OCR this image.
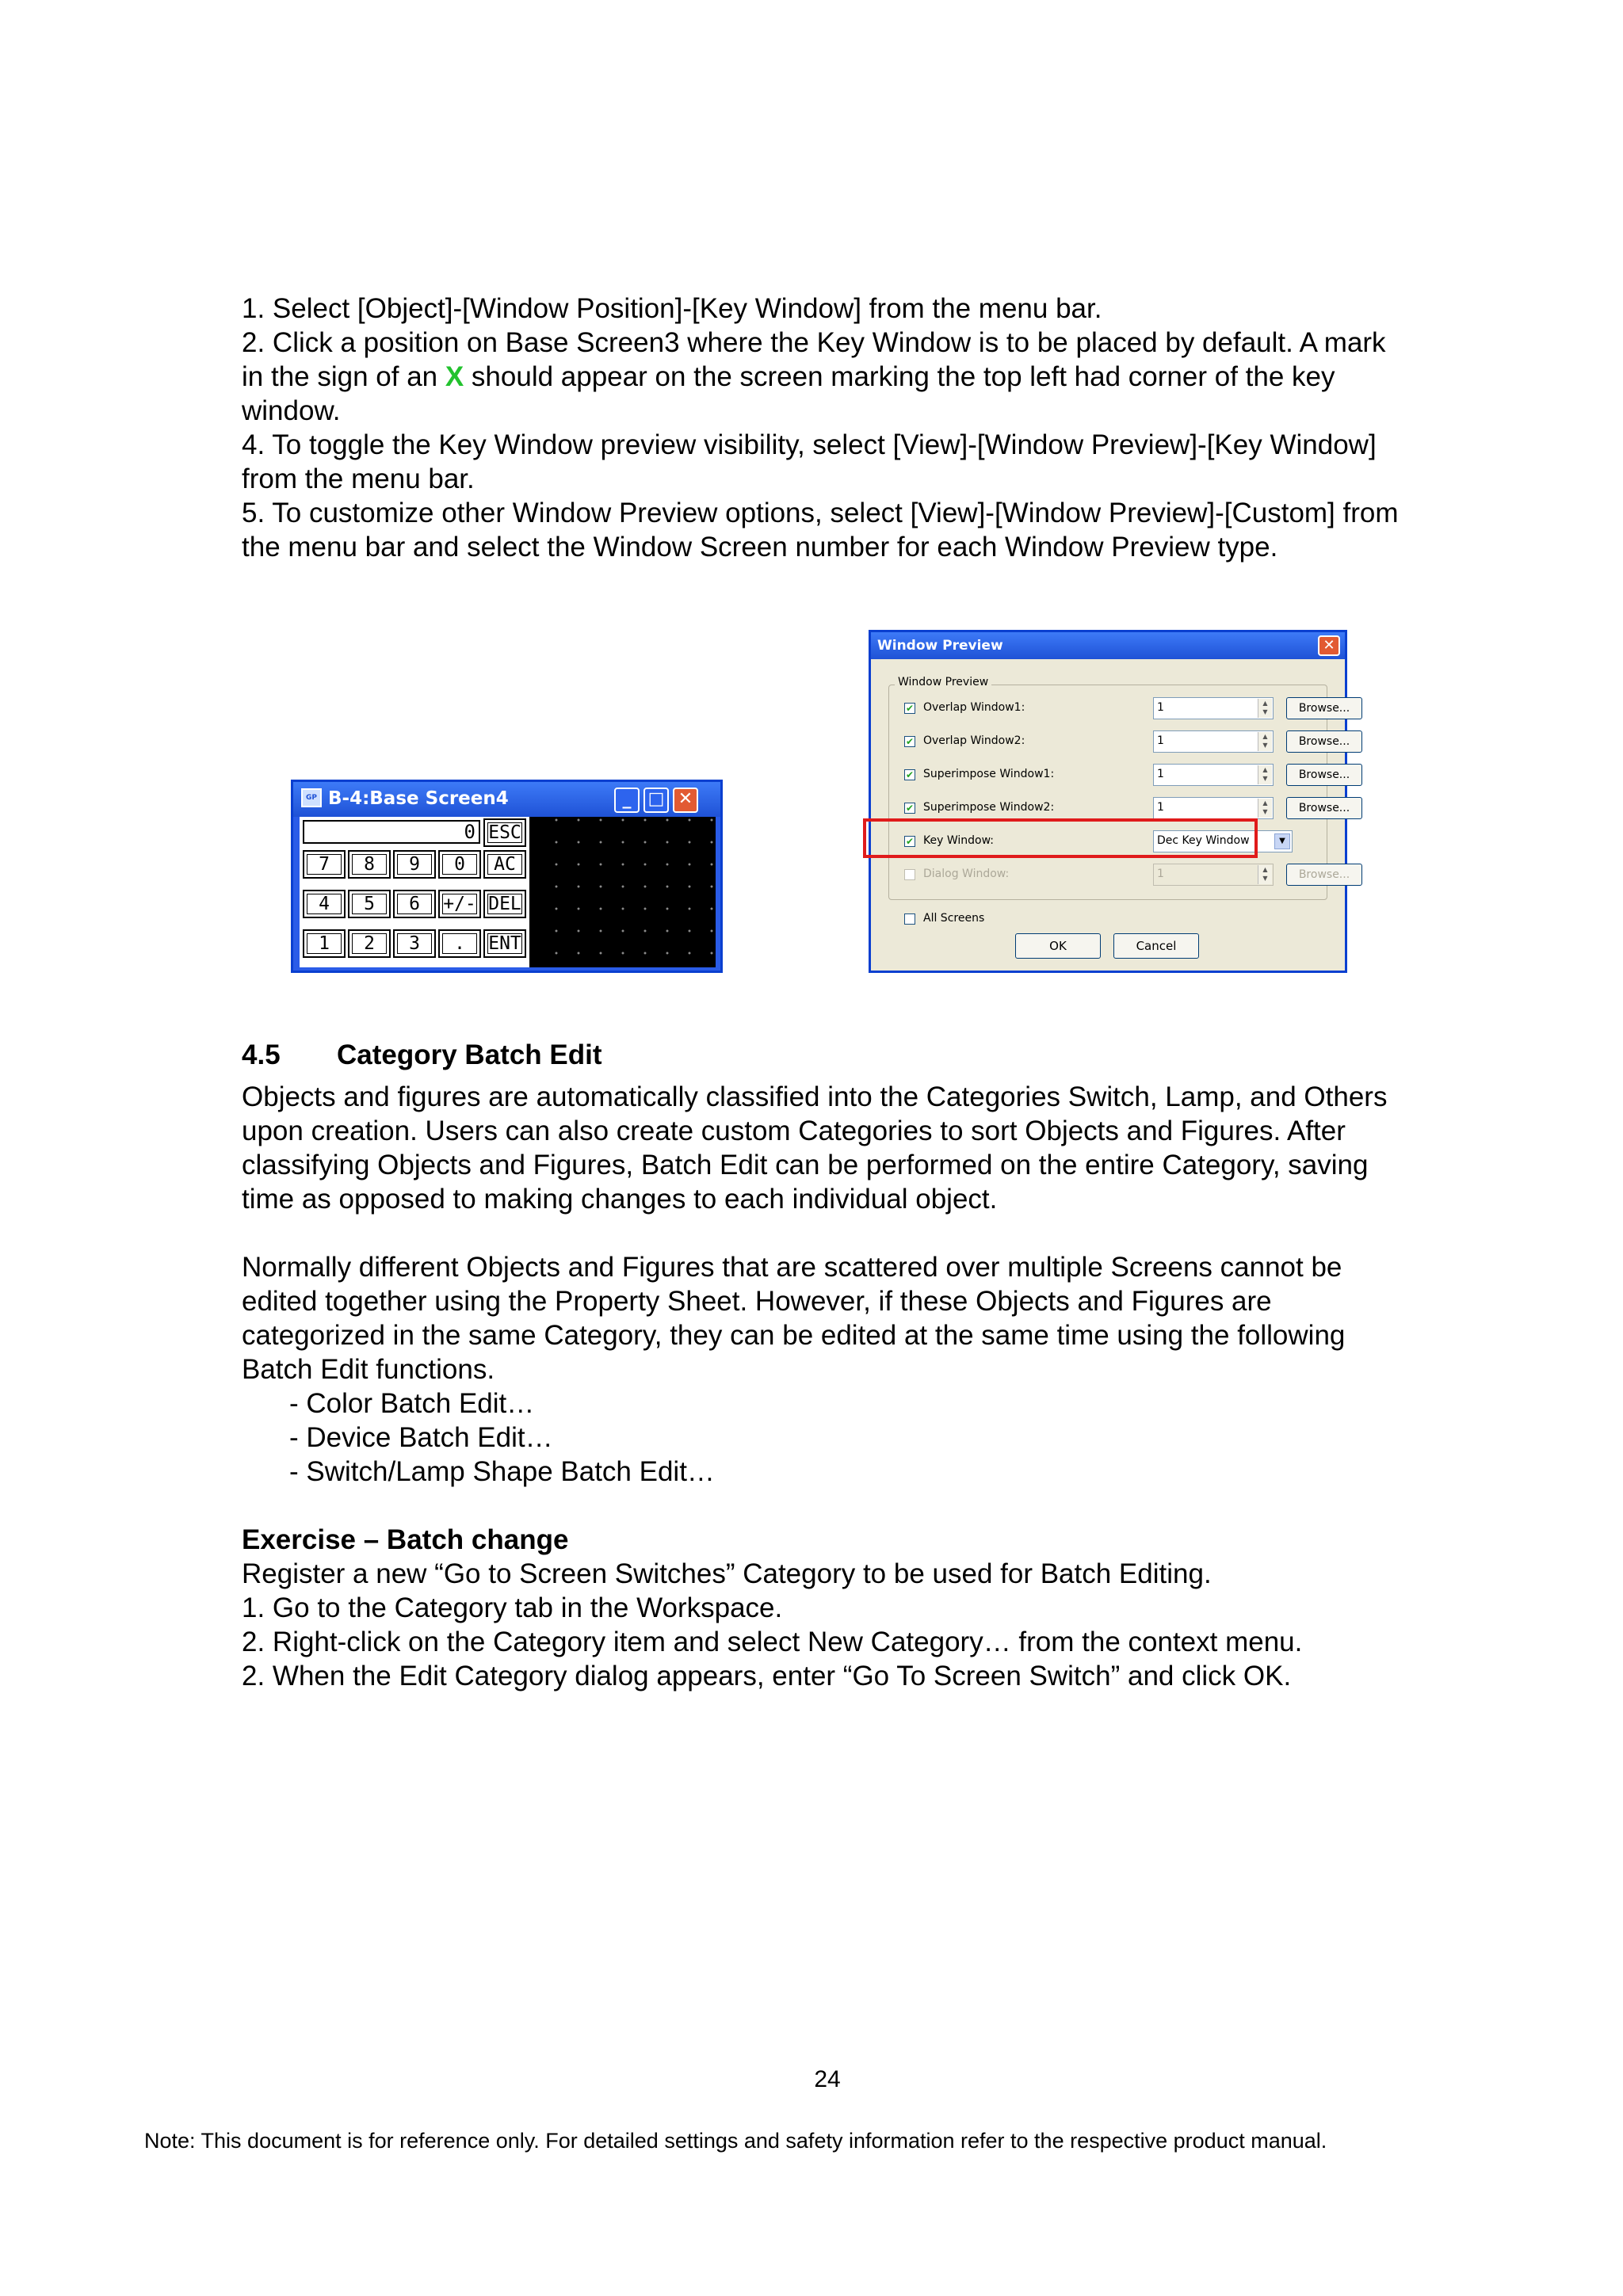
1. Select [Object]-[Window Position]-[Key Window] from the menu bar.

2. Click a position on Base Screen3 where the Key Window is to be placed by default. A mark in the sign of an X should appear on the screen marking the top left had corner of the key window.

4. To toggle the Key Window preview visibility, select [View]-[Window Preview]-[Key Window] from the menu bar.

5. To customize other Window Preview options, select [View]-[Window Preview]-[Custom] from the menu bar and select the Window Screen number for each Window Preview type.

GP B-4:Base Screen4	_ □ ✕
0 ESC
7	8	9	0	AC
4	5	6	+/- DEL
1	2	3	.	ENT
Window Preview	✕
Window Preview
✔ Overlap Window1:	1	▲
▼	Browse...
✔ Overlap Window2:	1	▲
▼	Browse...
✔ Superimpose Window1:	1	▲
▼	Browse...
✔ Superimpose Window2:	1	▲
▼	Browse...
✔ Key Window:	Dec Key Window	▼
Dialog Window:	1	▲
▼	Browse...
All Screens
OK	Cancel

4.5 Category Batch Edit

Objects and figures are automatically classified into the Categories Switch, Lamp, and Others upon creation. Users can also create custom Categories to sort Objects and Figures. After classifying Objects and Figures, Batch Edit can be performed on the entire Category, saving time as opposed to making changes to each individual object.

Normally different Objects and Figures that are scattered over multiple Screens cannot be edited together using the Property Sheet. However, if these Objects and Figures are categorized in the same Category, they can be edited at the same time using the following Batch Edit functions.

- Color Batch Edit…

- Device Batch Edit…

- Switch/Lamp Shape Batch Edit…

Exercise – Batch change

Register a new “Go to Screen Switches” Category to be used for Batch Editing.

1. Go to the Category tab in the Workspace.

2. Right-click on the Category item and select New Category… from the context menu.

2. When the Edit Category dialog appears, enter “Go To Screen Switch” and click OK.

24
Note: This document is for reference only. For detailed settings and safety information refer to the respective product manual.
